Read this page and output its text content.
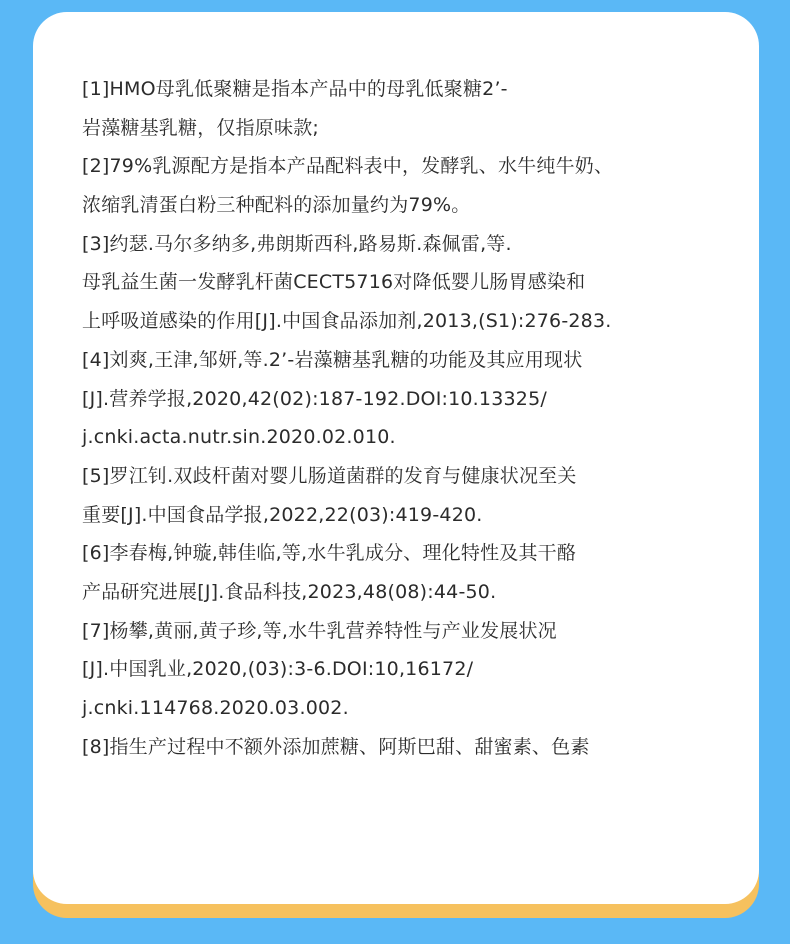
[1]HMO母乳低聚糖是指本产品中的母乳低聚糖2’-
岩藻糖基乳糖，仅指原味款;
[2]79%乳源配方是指本产品配料表中，发酵乳、水牛纯牛奶、
浓缩乳清蛋白粉三种配料的添加量约为79%。
[3]约瑟.马尔多纳多,弗朗斯西科,路易斯.森佩雷,等.
母乳益生菌一发酵乳杆菌CECT5716对降低婴儿肠胃感染和
上呼吸道感染的作用[J].中国食品添加剂,2013,(S1):276-283.
[4]刘爽,王津,邹妍,等.2’-岩藻糖基乳糖的功能及其应用现状
[J].营养学报,2020,42(02):187-192.DOI:10.13325/
j.cnki.acta.nutr.sin.2020.02.010.
[5]罗江钊.双歧杆菌对婴儿肠道菌群的发育与健康状况至关
重要[J].中国食品学报,2022,22(03):419-420.
[6]李春梅,钟璇,韩佳临,等,水牛乳成分、理化特性及其干酪
产品研究进展[J].食品科技,2023,48(08):44-50.
[7]杨攀,黄丽,黄子珍,等,水牛乳营养特性与产业发展状况
[J].中国乳业,2020,(03):3-6.DOI:10,16172/
j.cnki.114768.2020.03.002.
[8]指生产过程中不额外添加蔗糖、阿斯巴甜、甜蜜素、色素
